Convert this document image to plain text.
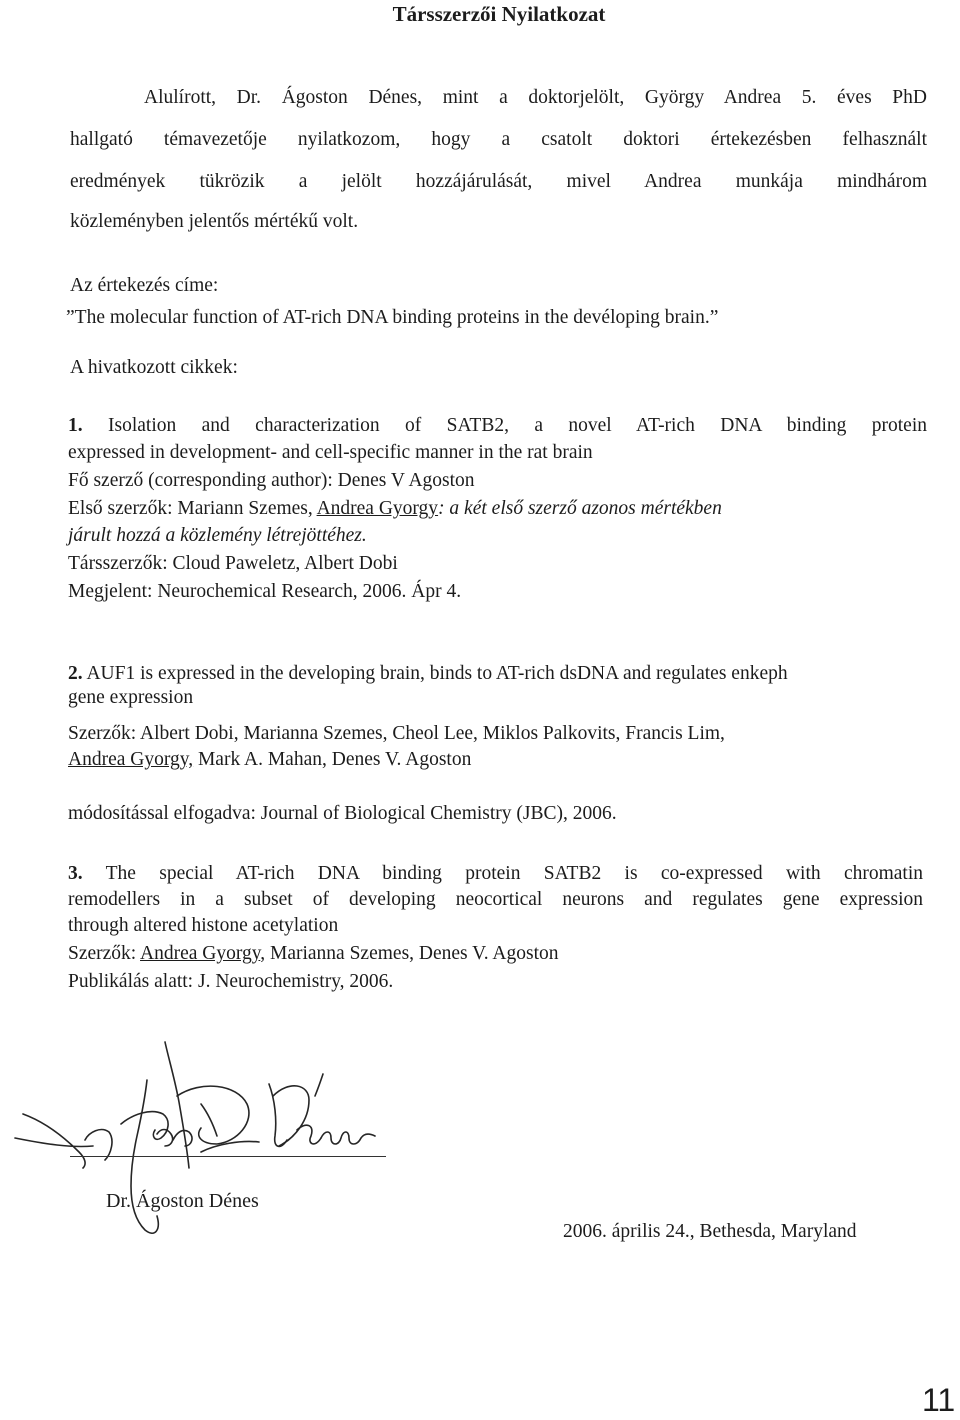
Társszerzői Nyilatkozat
Alulírott, Dr. Ágoston Dénes, mint a doktorjelölt, György Andrea 5. éves PhD
hallgató témavezetője nyilatkozom, hogy a csatolt doktori értekezésben felhasznált
eredmények tükrözik a jelölt hozzájárulását, mivel Andrea munkája mindhárom
közleményben jelentős mértékű volt.
Az értekezés címe:
”The molecular function of AT-rich DNA binding proteins in the devéloping brain.”
A hivatkozott cikkek:
1. Isolation and characterization of SATB2, a novel AT-rich DNA binding protein
expressed in development- and cell-specific manner in the rat brain
Fő szerző (corresponding author): Denes V Agoston
Első szerzők: Mariann Szemes, Andrea Gyorgy: a két első szerző azonos mértékben
járult hozzá a közlemény létrejöttéhez.
Társszerzők: Cloud Paweletz, Albert Dobi
Megjelent: Neurochemical Research, 2006. Ápr 4.
2. AUF1 is expressed in the developing brain, binds to AT-rich dsDNA and regulates enkeph
gene expression
Szerzők: Albert Dobi, Marianna Szemes, Cheol Lee, Miklos Palkovits, Francis Lim,
Andrea Gyorgy, Mark A. Mahan, Denes V. Agoston
módosítással elfogadva: Journal of Biological Chemistry (JBC), 2006.
3. The special AT-rich DNA binding protein SATB2 is co-expressed with chromatin
remodellers in a subset of developing neocortical neurons and regulates gene expression
through altered histone acetylation
Szerzők: Andrea Gyorgy, Marianna Szemes, Denes V. Agoston
Publikálás alatt: J. Neurochemistry, 2006.
Dr. Ágoston Dénes
2006. április 24., Bethesda, Maryland
11
